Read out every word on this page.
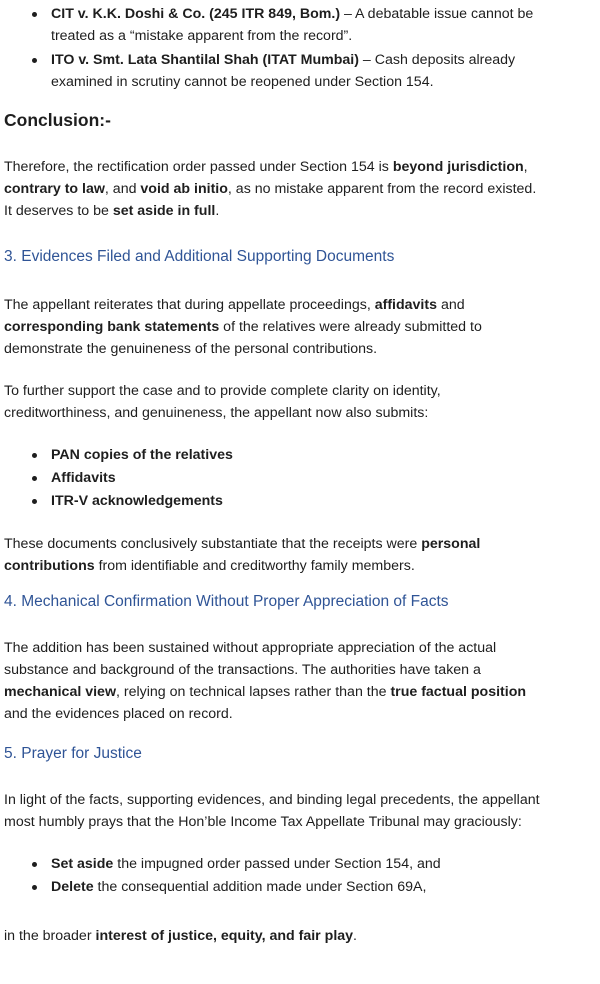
CIT v. K.K. Doshi & Co. (245 ITR 849, Bom.) – A debatable issue cannot be
treated as a “mistake apparent from the record”.
ITO v. Smt. Lata Shantilal Shah (ITAT Mumbai) – Cash deposits already
examined in scrutiny cannot be reopened under Section 154.
Conclusion:-

Therefore, the rectification order passed under Section 154 is beyond jurisdiction,
contrary to law, and void ab initio, as no mistake apparent from the record existed.
It deserves to be set aside in full.

3. Evidences Filed and Additional Supporting Documents

The appellant reiterates that during appellate proceedings, affidavits and
corresponding bank statements of the relatives were already submitted to
demonstrate the genuineness of the personal contributions.

To further support the case and to provide complete clarity on identity,
creditworthiness, and genuineness, the appellant now also submits:

PAN copies of the relatives
Affidavits
ITR-V acknowledgements

These documents conclusively substantiate that the receipts were personal
contributions from identifiable and creditworthy family members.

4. Mechanical Confirmation Without Proper Appreciation of Facts

The addition has been sustained without appropriate appreciation of the actual
substance and background of the transactions. The authorities have taken a
mechanical view, relying on technical lapses rather than the true factual position
and the evidences placed on record.

5. Prayer for Justice

In light of the facts, supporting evidences, and binding legal precedents, the appellant
most humbly prays that the Hon’ble Income Tax Appellate Tribunal may graciously:

Set aside the impugned order passed under Section 154, and
Delete the consequential addition made under Section 69A,

in the broader interest of justice, equity, and fair play.
